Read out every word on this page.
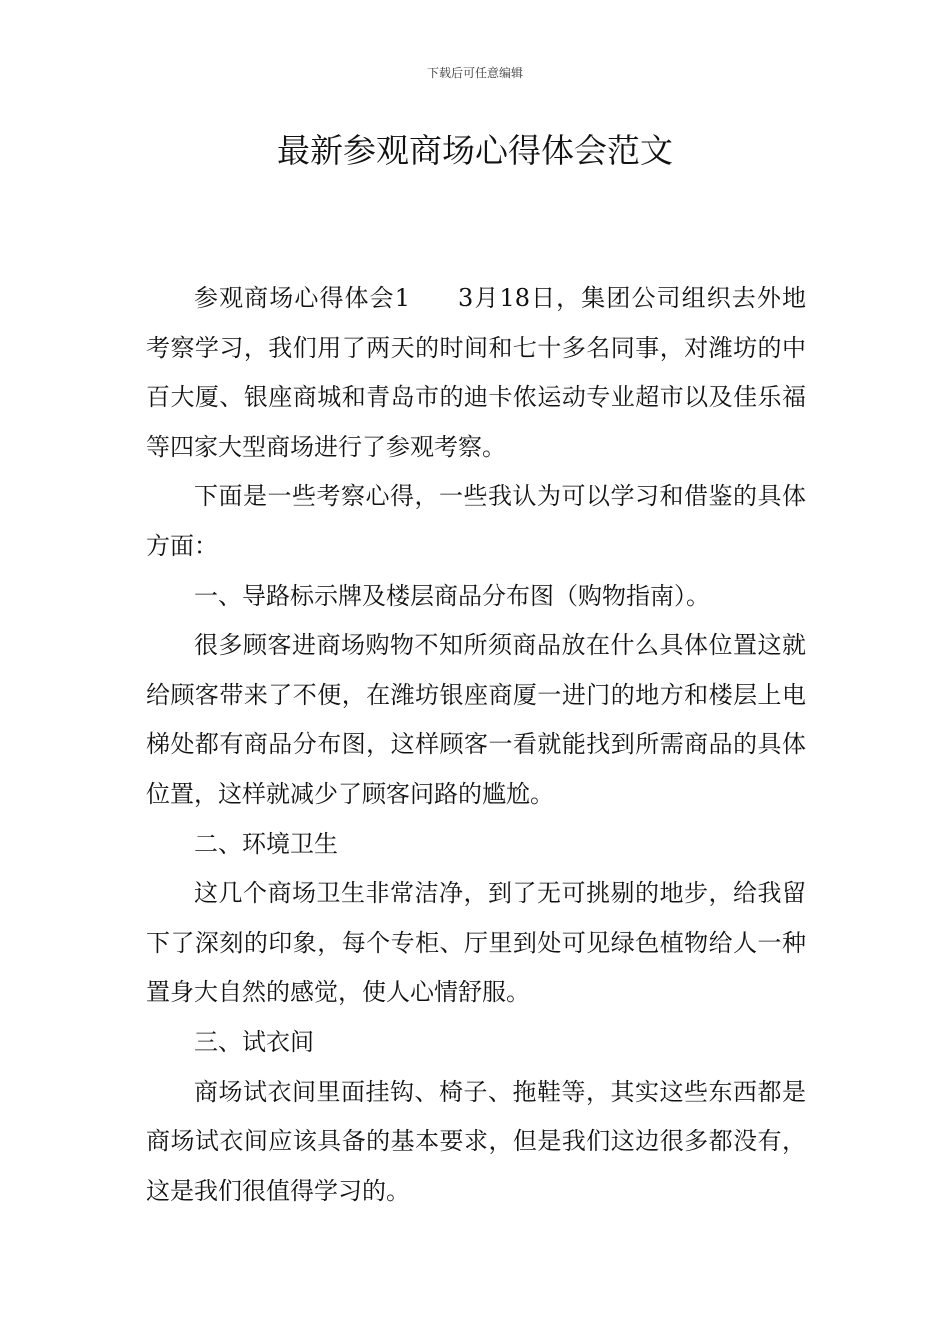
下载后可任意编辑
最新参观商场心得体会范文

参观商场心得体会1 3月18日，集团公司组织去外地考察学习，我们用了两天的时间和七十多名同事，对潍坊的中百大厦、银座商城和青岛市的迪卡侬运动专业超市以及佳乐福等四家大型商场进行了参观考察。

下面是一些考察心得，一些我认为可以学习和借鉴的具体方面：

一、导路标示牌及楼层商品分布图（购物指南）。

很多顾客进商场购物不知所须商品放在什么具体位置这就给顾客带来了不便，在潍坊银座商厦一进门的地方和楼层上电梯处都有商品分布图，这样顾客一看就能找到所需商品的具体位置，这样就减少了顾客问路的尴尬。

二、环境卫生

这几个商场卫生非常洁净，到了无可挑剔的地步，给我留下了深刻的印象，每个专柜、厅里到处可见绿色植物给人一种置身大自然的感觉，使人心情舒服。

三、试衣间

商场试衣间里面挂钩、椅子、拖鞋等，其实这些东西都是商场试衣间应该具备的基本要求，但是我们这边很多都没有，这是我们很值得学习的。
